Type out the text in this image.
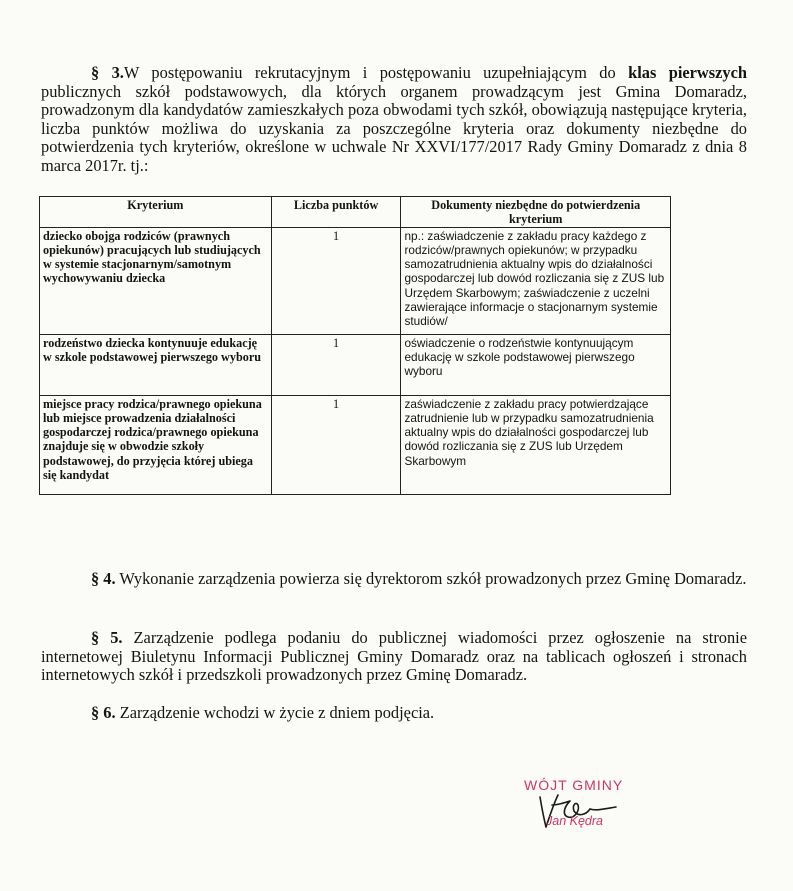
§ 3.W postępowaniu rekrutacyjnym i postępowaniu uzupełniającym do klas pierwszych publicznych szkół podstawowych, dla których organem prowadzącym jest Gmina Domaradz, prowadzonym dla kandydatów zamieszkałych poza obwodami tych szkół, obowiązują następujące kryteria, liczba punktów możliwa do uzyskania za poszczególne kryteria oraz dokumenty niezbędne do potwierdzenia tych kryteriów, określone w uchwale Nr XXVI/177/2017 Rady Gminy Domaradz z dnia 8 marca 2017r. tj.:

Kryterium	Liczba punktów	Dokumenty niezbędne do potwierdzenia kryterium
dziecko obojga rodziców (prawnych opiekunów) pracujących lub studiujących w systemie stacjonarnym/samotnym wychowywaniu dziecka	1	np.: zaświadczenie z zakładu pracy każdego z rodziców/prawnych opiekunów; w przypadku samozatrudnienia aktualny wpis do działalności gospodarczej lub dowód rozliczania się z ZUS lub Urzędem Skarbowym; zaświadczenie z uczelni zawierające informacje o stacjonarnym systemie studiów/
rodzeństwo dziecka kontynuuje edukację w szkole podstawowej pierwszego wyboru	1	oświadczenie o rodzeństwie kontynuującym edukację w szkole podstawowej pierwszego wyboru
miejsce pracy rodzica/prawnego opiekuna lub miejsce prowadzenia działalności gospodarczej rodzica/prawnego opiekuna znajduje się w obwodzie szkoły podstawowej, do przyjęcia której ubiega się kandydat	1	zaświadczenie z zakładu pracy potwierdzające zatrudnienie lub w przypadku samozatrudnienia aktualny wpis do działalności gospodarczej lub dowód rozliczania się z ZUS lub Urzędem Skarbowym

§ 4. Wykonanie zarządzenia powierza się dyrektorom szkół prowadzonych przez Gminę Domaradz.

§ 5. Zarządzenie podlega podaniu do publicznej wiadomości przez ogłoszenie na stronie internetowej Biuletynu Informacji Publicznej Gminy Domaradz oraz na tablicach ogłoszeń i stronach internetowych szkół i przedszkoli prowadzonych przez Gminę Domaradz.

§ 6. Zarządzenie wchodzi w życie z dniem podjęcia.

WÓJT GMINY
Jan Kędra
